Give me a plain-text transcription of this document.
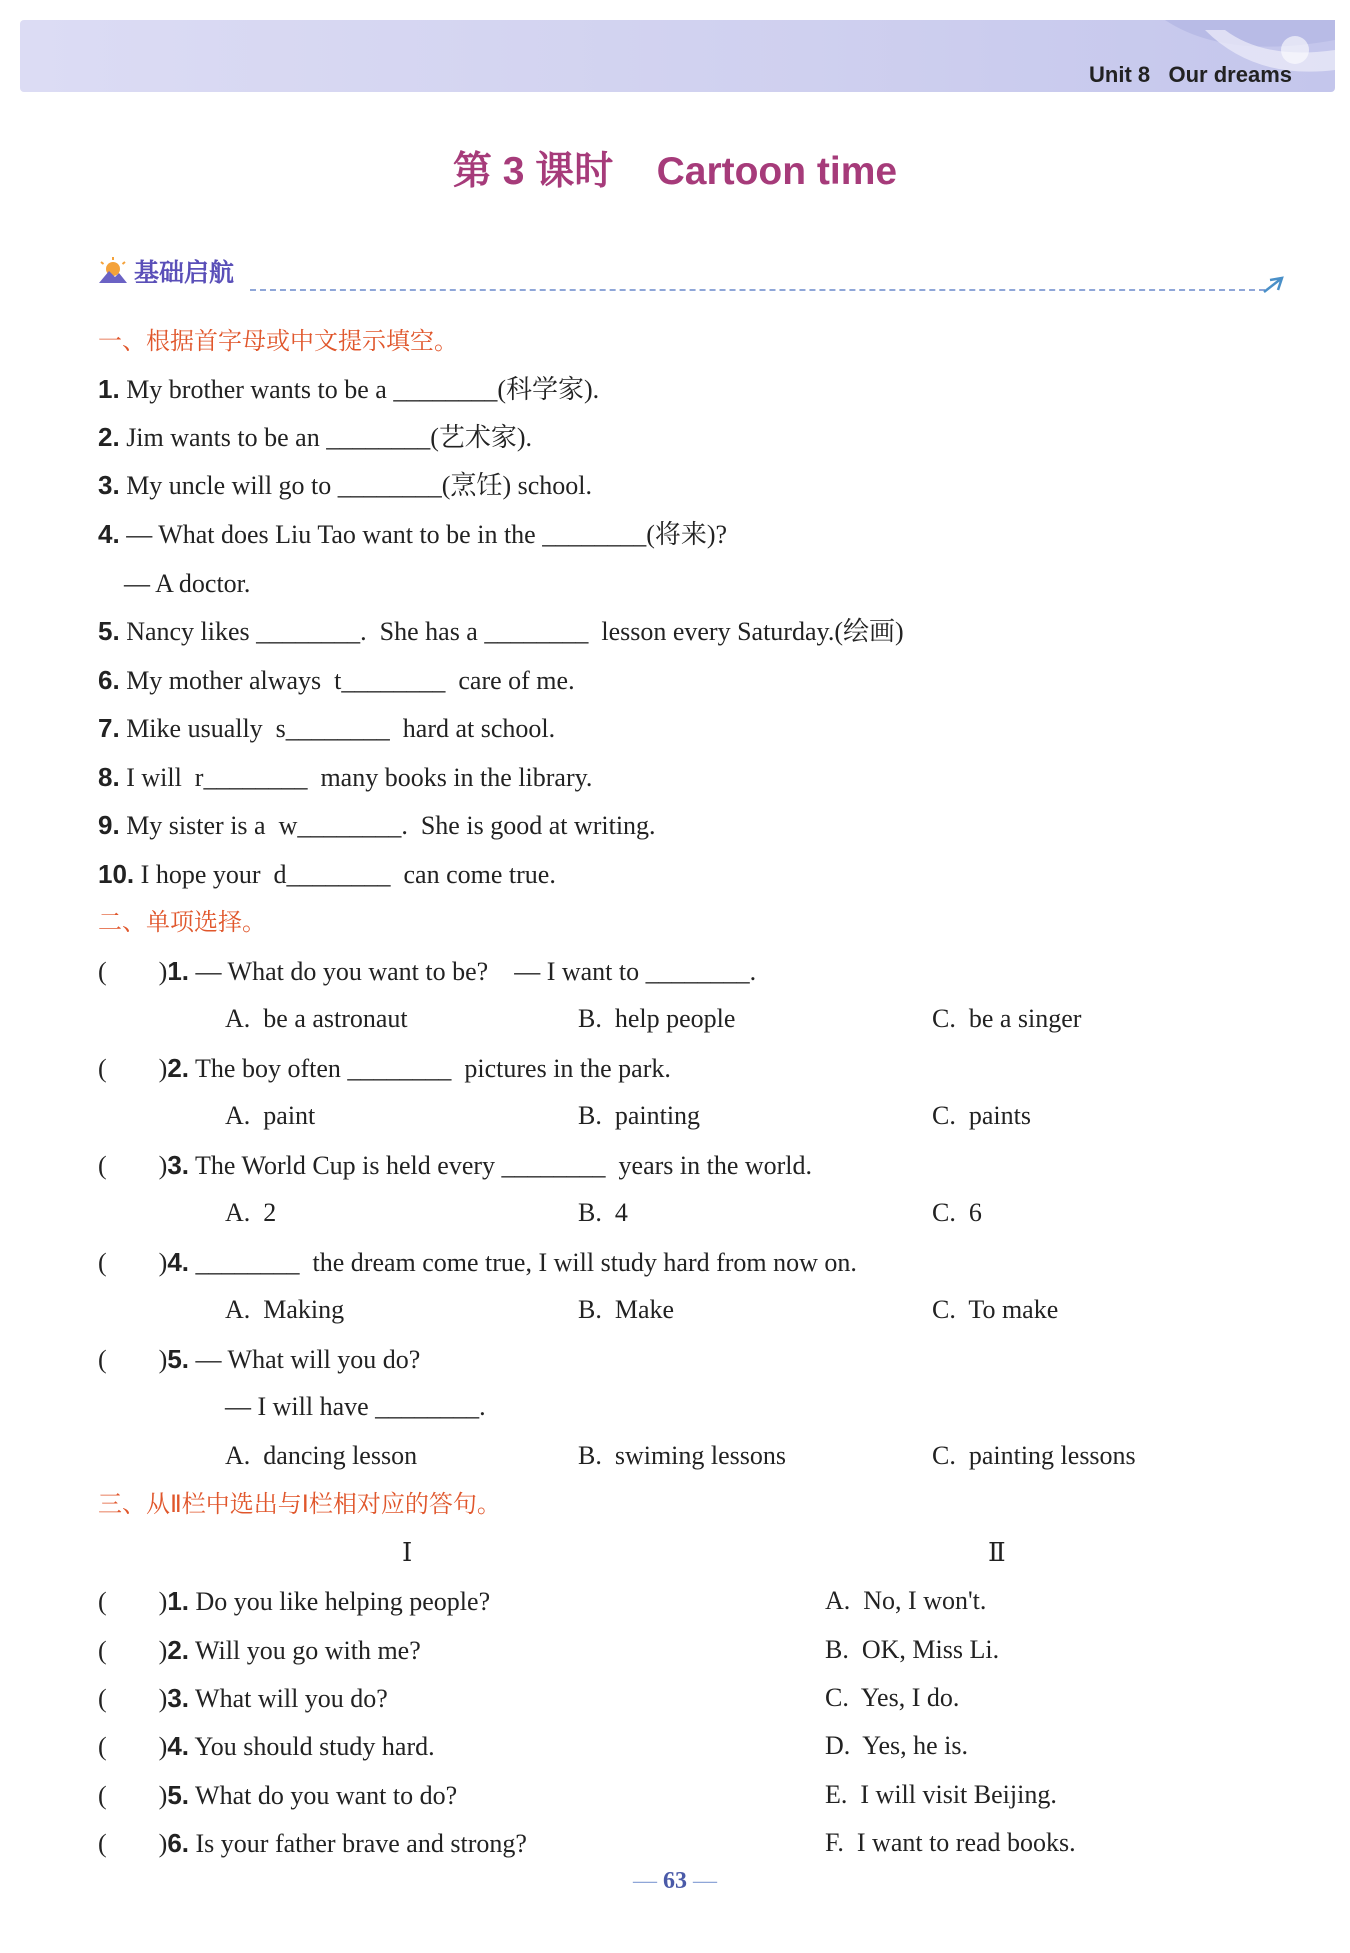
Unit 8   Our dreams
第 3 课时    Cartoon time
基础启航
一、根据首字母或中文提示填空。
1. My brother wants to be a ________(科学家).
2. Jim wants to be an ________(艺术家).
3. My uncle will go to ________(烹饪) school.
4. — What does Liu Tao want to be in the ________(将来)?
— A doctor.
5. Nancy likes ________.  She has a ________  lesson every Saturday.(绘画)
6. My mother always  t________  care of me.
7. Mike usually  s________  hard at school.
8. I will  r________  many books in the library.
9. My sister is a  w________.  She is good at writing.
10. I hope your  d________  can come true.
二、单项选择。
(        )1. — What do you want to be?    — I want to ________.
A.  be a astronaut	B.  help people	C.  be a singer
(        )2. The boy often ________  pictures in the park.
A.  paint	B.  painting	C.  paints
(        )3. The World Cup is held every ________  years in the world.
A.  2	B.  4	C.  6
(        )4. ________  the dream come true, I will study hard from now on.
A.  Making	B.  Make	C.  To make
(        )5. — What will you do?
— I will have ________.
A.  dancing lesson	B.  swiming lessons	C.  painting lessons
三、从Ⅱ栏中选出与Ⅰ栏相对应的答句。
Ⅰ	Ⅱ
(        )1. Do you like helping people?	A.  No, I won't.
(        )2. Will you go with me?	B.  OK, Miss Li.
(        )3. What will you do?	C.  Yes, I do.
(        )4. You should study hard.	D.  Yes, he is.
(        )5. What do you want to do?	E.  I will visit Beijing.
(        )6. Is your father brave and strong?	F.  I want to read books.
— 63 —
